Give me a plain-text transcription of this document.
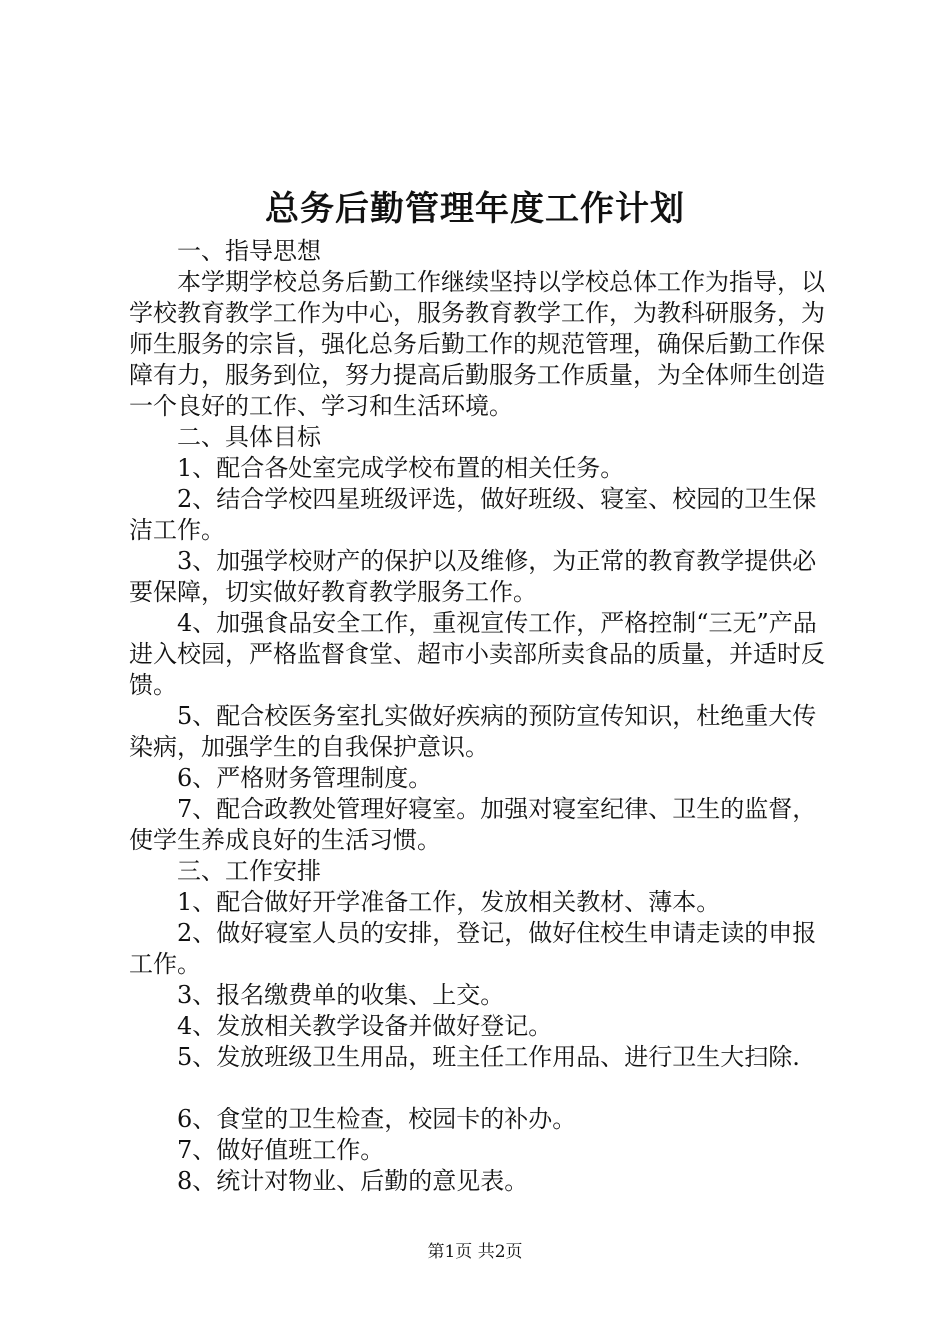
总务后勤管理年度工作计划

一、指导思想

本学期学校总务后勤工作继续坚持以学校总体工作为指导，以学校教育教学工作为中心，服务教育教学工作，为教科研服务，为师生服务的宗旨，强化总务后勤工作的规范管理，确保后勤工作保障有力，服务到位，努力提高后勤服务工作质量，为全体师生创造一个良好的工作、学习和生活环境。

二、具体目标

1、配合各处室完成学校布置的相关任务。

2、结合学校四星班级评选，做好班级、寝室、校园的卫生保洁工作。

3、加强学校财产的保护以及维修，为正常的教育教学提供必要保障，切实做好教育教学服务工作。

4、加强食品安全工作，重视宣传工作，严格控制“三无”产品进入校园，严格监督食堂、超市小卖部所卖食品的质量，并适时反馈。

5、配合校医务室扎实做好疾病的预防宣传知识，杜绝重大传染病，加强学生的自我保护意识。

6、严格财务管理制度。

7、配合政教处管理好寝室。加强对寝室纪律、卫生的监督，使学生养成良好的生活习惯。

三、工作安排

1、配合做好开学准备工作，发放相关教材、薄本。

2、做好寝室人员的安排，登记，做好住校生申请走读的申报工作。

3、报名缴费单的收集、上交。

4、发放相关教学设备并做好登记。

5、发放班级卫生用品，班主任工作用品、进行卫生大扫除.

6、食堂的卫生检查，校园卡的补办。

7、做好值班工作。

8、统计对物业、后勤的意见表。

第1页 共2页
